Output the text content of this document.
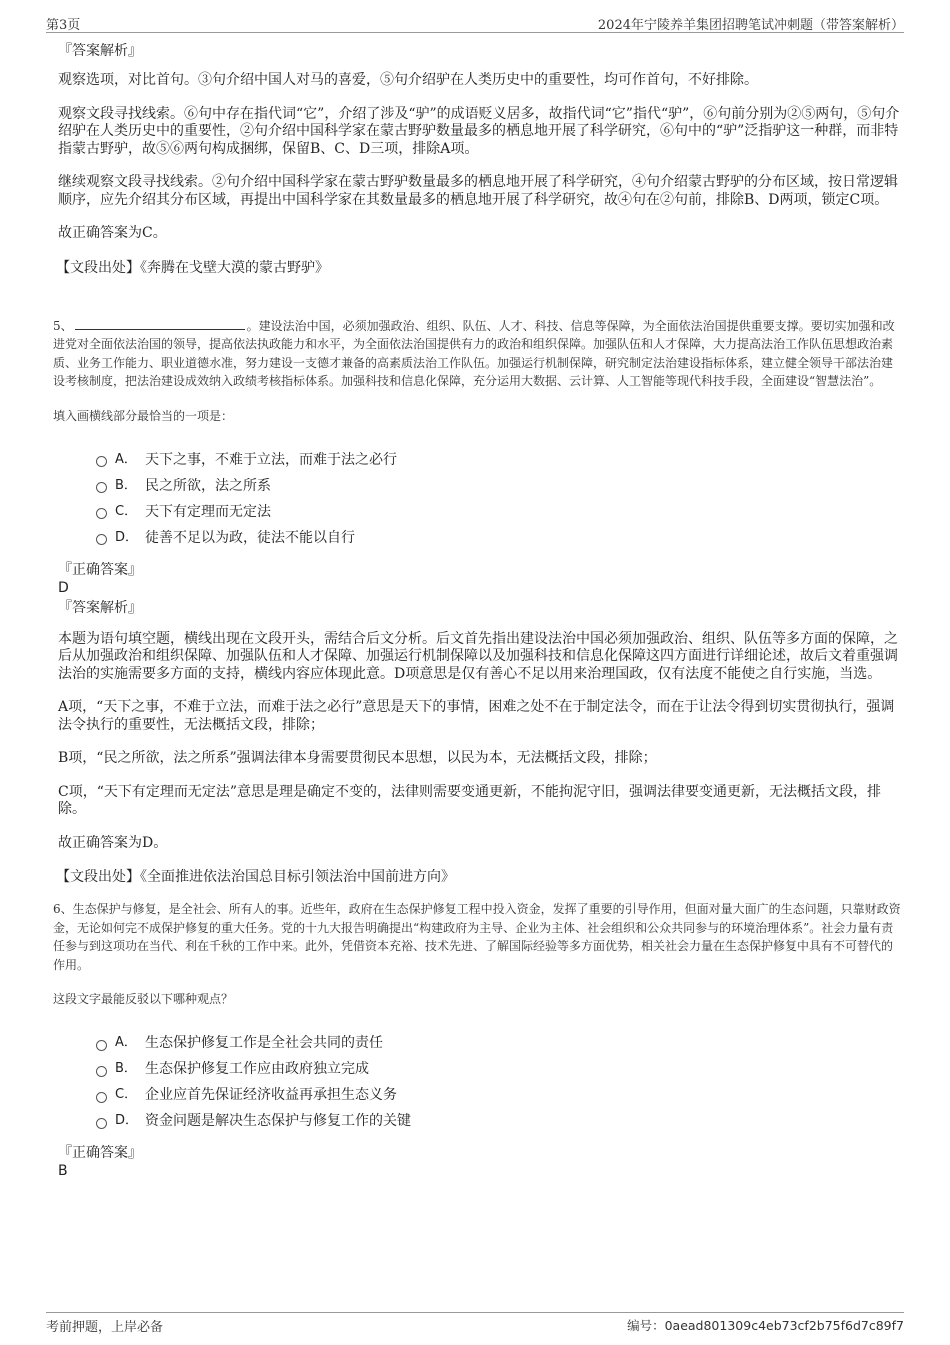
第3页	2024年宁陵养羊集团招聘笔试冲刺题（带答案解析）
『答案解析』
观察选项，对比首句。③句介绍中国人对马的喜爱，⑤句介绍驴在人类历史中的重要性，均可作首句，不好排除。
观察文段寻找线索。⑥句中存在指代词“它”，介绍了涉及“驴”的成语贬义居多，故指代词“它”指代“驴”，⑥句前分别为②⑤两句，⑤句介绍驴在人类历史中的重要性，②句介绍中国科学家在蒙古野驴数量最多的栖息地开展了科学研究，⑥句中的“驴”泛指驴这一种群，而非特指蒙古野驴，故⑤⑥两句构成捆绑，保留B、C、D三项，排除A项。
继续观察文段寻找线索。②句介绍中国科学家在蒙古野驴数量最多的栖息地开展了科学研究，④句介绍蒙古野驴的分布区域，按日常逻辑顺序，应先介绍其分布区域，再提出中国科学家在其数量最多的栖息地开展了科学研究，故④句在②句前，排除B、D两项，锁定C项。
故正确答案为C。
【文段出处】《奔腾在戈壁大漠的蒙古野驴》
5、	。建设法治中国，必须加强政治、组织、队伍、人才、科技、信息等保障，为全面依法治国提供重要支撑。要切实加强和改进党对全面依法治国的领导，提高依法执政能力和水平，为全面依法治国提供有力的政治和组织保障。加强队伍和人才保障，大力提高法治工作队伍思想政治素质、业务工作能力、职业道德水准，努力建设一支德才兼备的高素质法治工作队伍。加强运行机制保障，研究制定法治建设指标体系，建立健全领导干部法治建设考核制度，把法治建设成效纳入政绩考核指标体系。加强科技和信息化保障，充分运用大数据、云计算、人工智能等现代科技手段，全面建设“智慧法治”。
填入画横线部分最恰当的一项是：
A． 天下之事，不难于立法，而难于法之必行
B． 民之所欲，法之所系
C． 天下有定理而无定法
D． 徒善不足以为政，徒法不能以自行
『正确答案』
D
『答案解析』
本题为语句填空题，横线出现在文段开头，需结合后文分析。后文首先指出建设法治中国必须加强政治、组织、队伍等多方面的保障，之后从加强政治和组织保障、加强队伍和人才保障、加强运行机制保障以及加强科技和信息化保障这四方面进行详细论述，故后文着重强调法治的实施需要多方面的支持，横线内容应体现此意。D项意思是仅有善心不足以用来治理国政，仅有法度不能使之自行实施，当选。
A项，“天下之事，不难于立法，而难于法之必行”意思是天下的事情，困难之处不在于制定法令，而在于让法令得到切实贯彻执行，强调法令执行的重要性，无法概括文段，排除；
B项，“民之所欲，法之所系”强调法律本身需要贯彻民本思想，以民为本，无法概括文段，排除；
C项，“天下有定理而无定法”意思是理是确定不变的，法律则需要变通更新，不能拘泥守旧，强调法律要变通更新，无法概括文段，排除。
故正确答案为D。
【文段出处】《全面推进依法治国总目标引领法治中国前进方向》
6、生态保护与修复，是全社会、所有人的事。近些年，政府在生态保护修复工程中投入资金，发挥了重要的引导作用，但面对量大面广的生态问题，只靠财政资金，无论如何完不成保护修复的重大任务。党的十九大报告明确提出“构建政府为主导、企业为主体、社会组织和公众共同参与的环境治理体系”。社会力量有责任参与到这项功在当代、利在千秋的工作中来。此外，凭借资本充裕、技术先进、了解国际经验等多方面优势，相关社会力量在生态保护修复中具有不可替代的作用。
这段文字最能反驳以下哪种观点？
A． 生态保护修复工作是全社会共同的责任
B． 生态保护修复工作应由政府独立完成
C． 企业应首先保证经济收益再承担生态义务
D． 资金问题是解决生态保护与修复工作的关键
『正确答案』
B
考前押题，上岸必备	编号：0aead801309c4eb73cf2b75f6d7c89f7
